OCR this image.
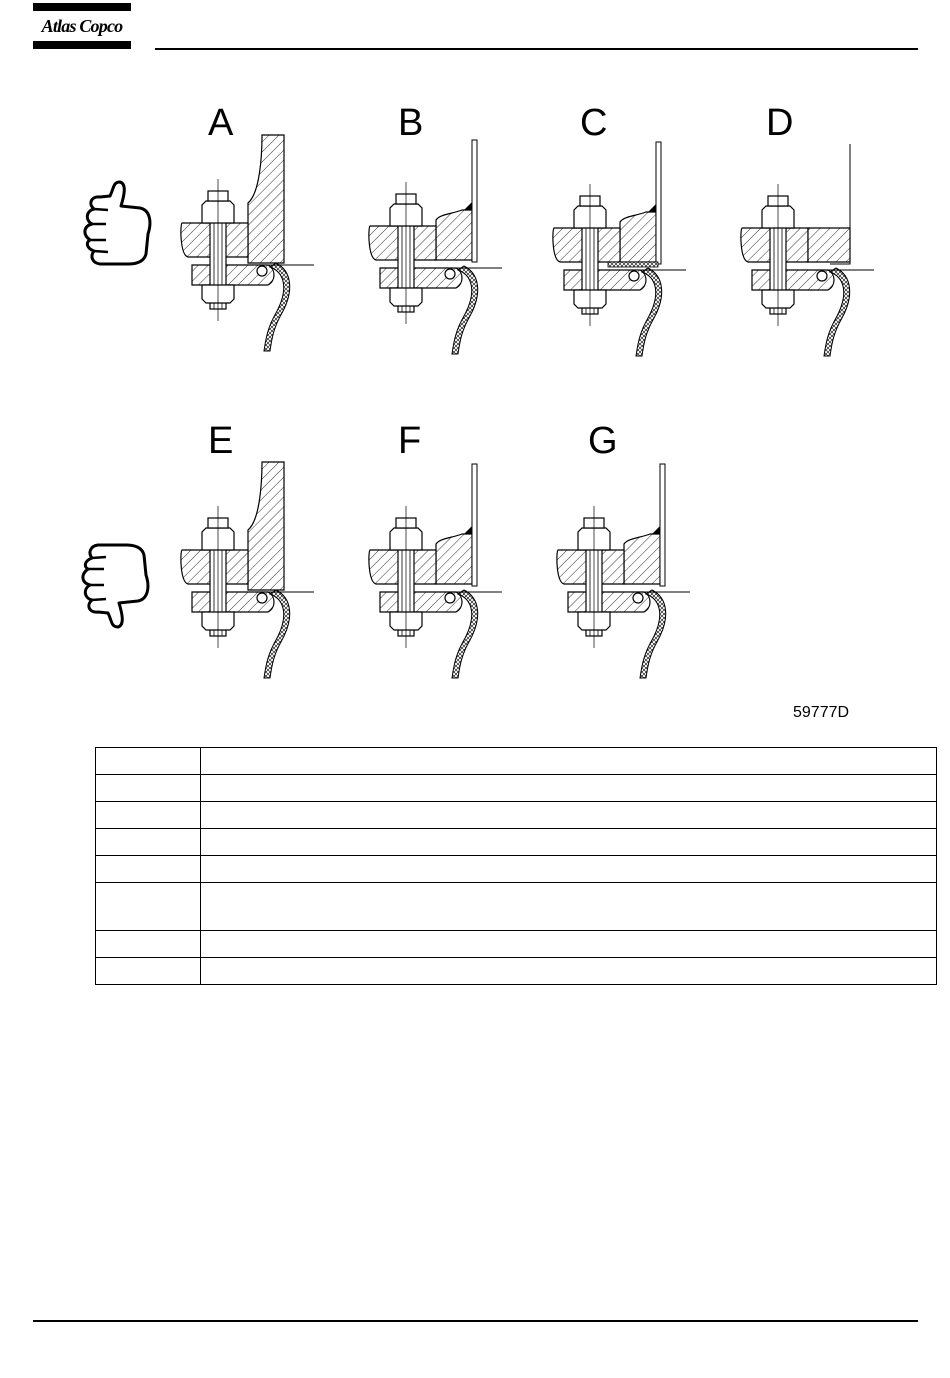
Atlas Copco
A	B	C	D
E	F	G
59777D
